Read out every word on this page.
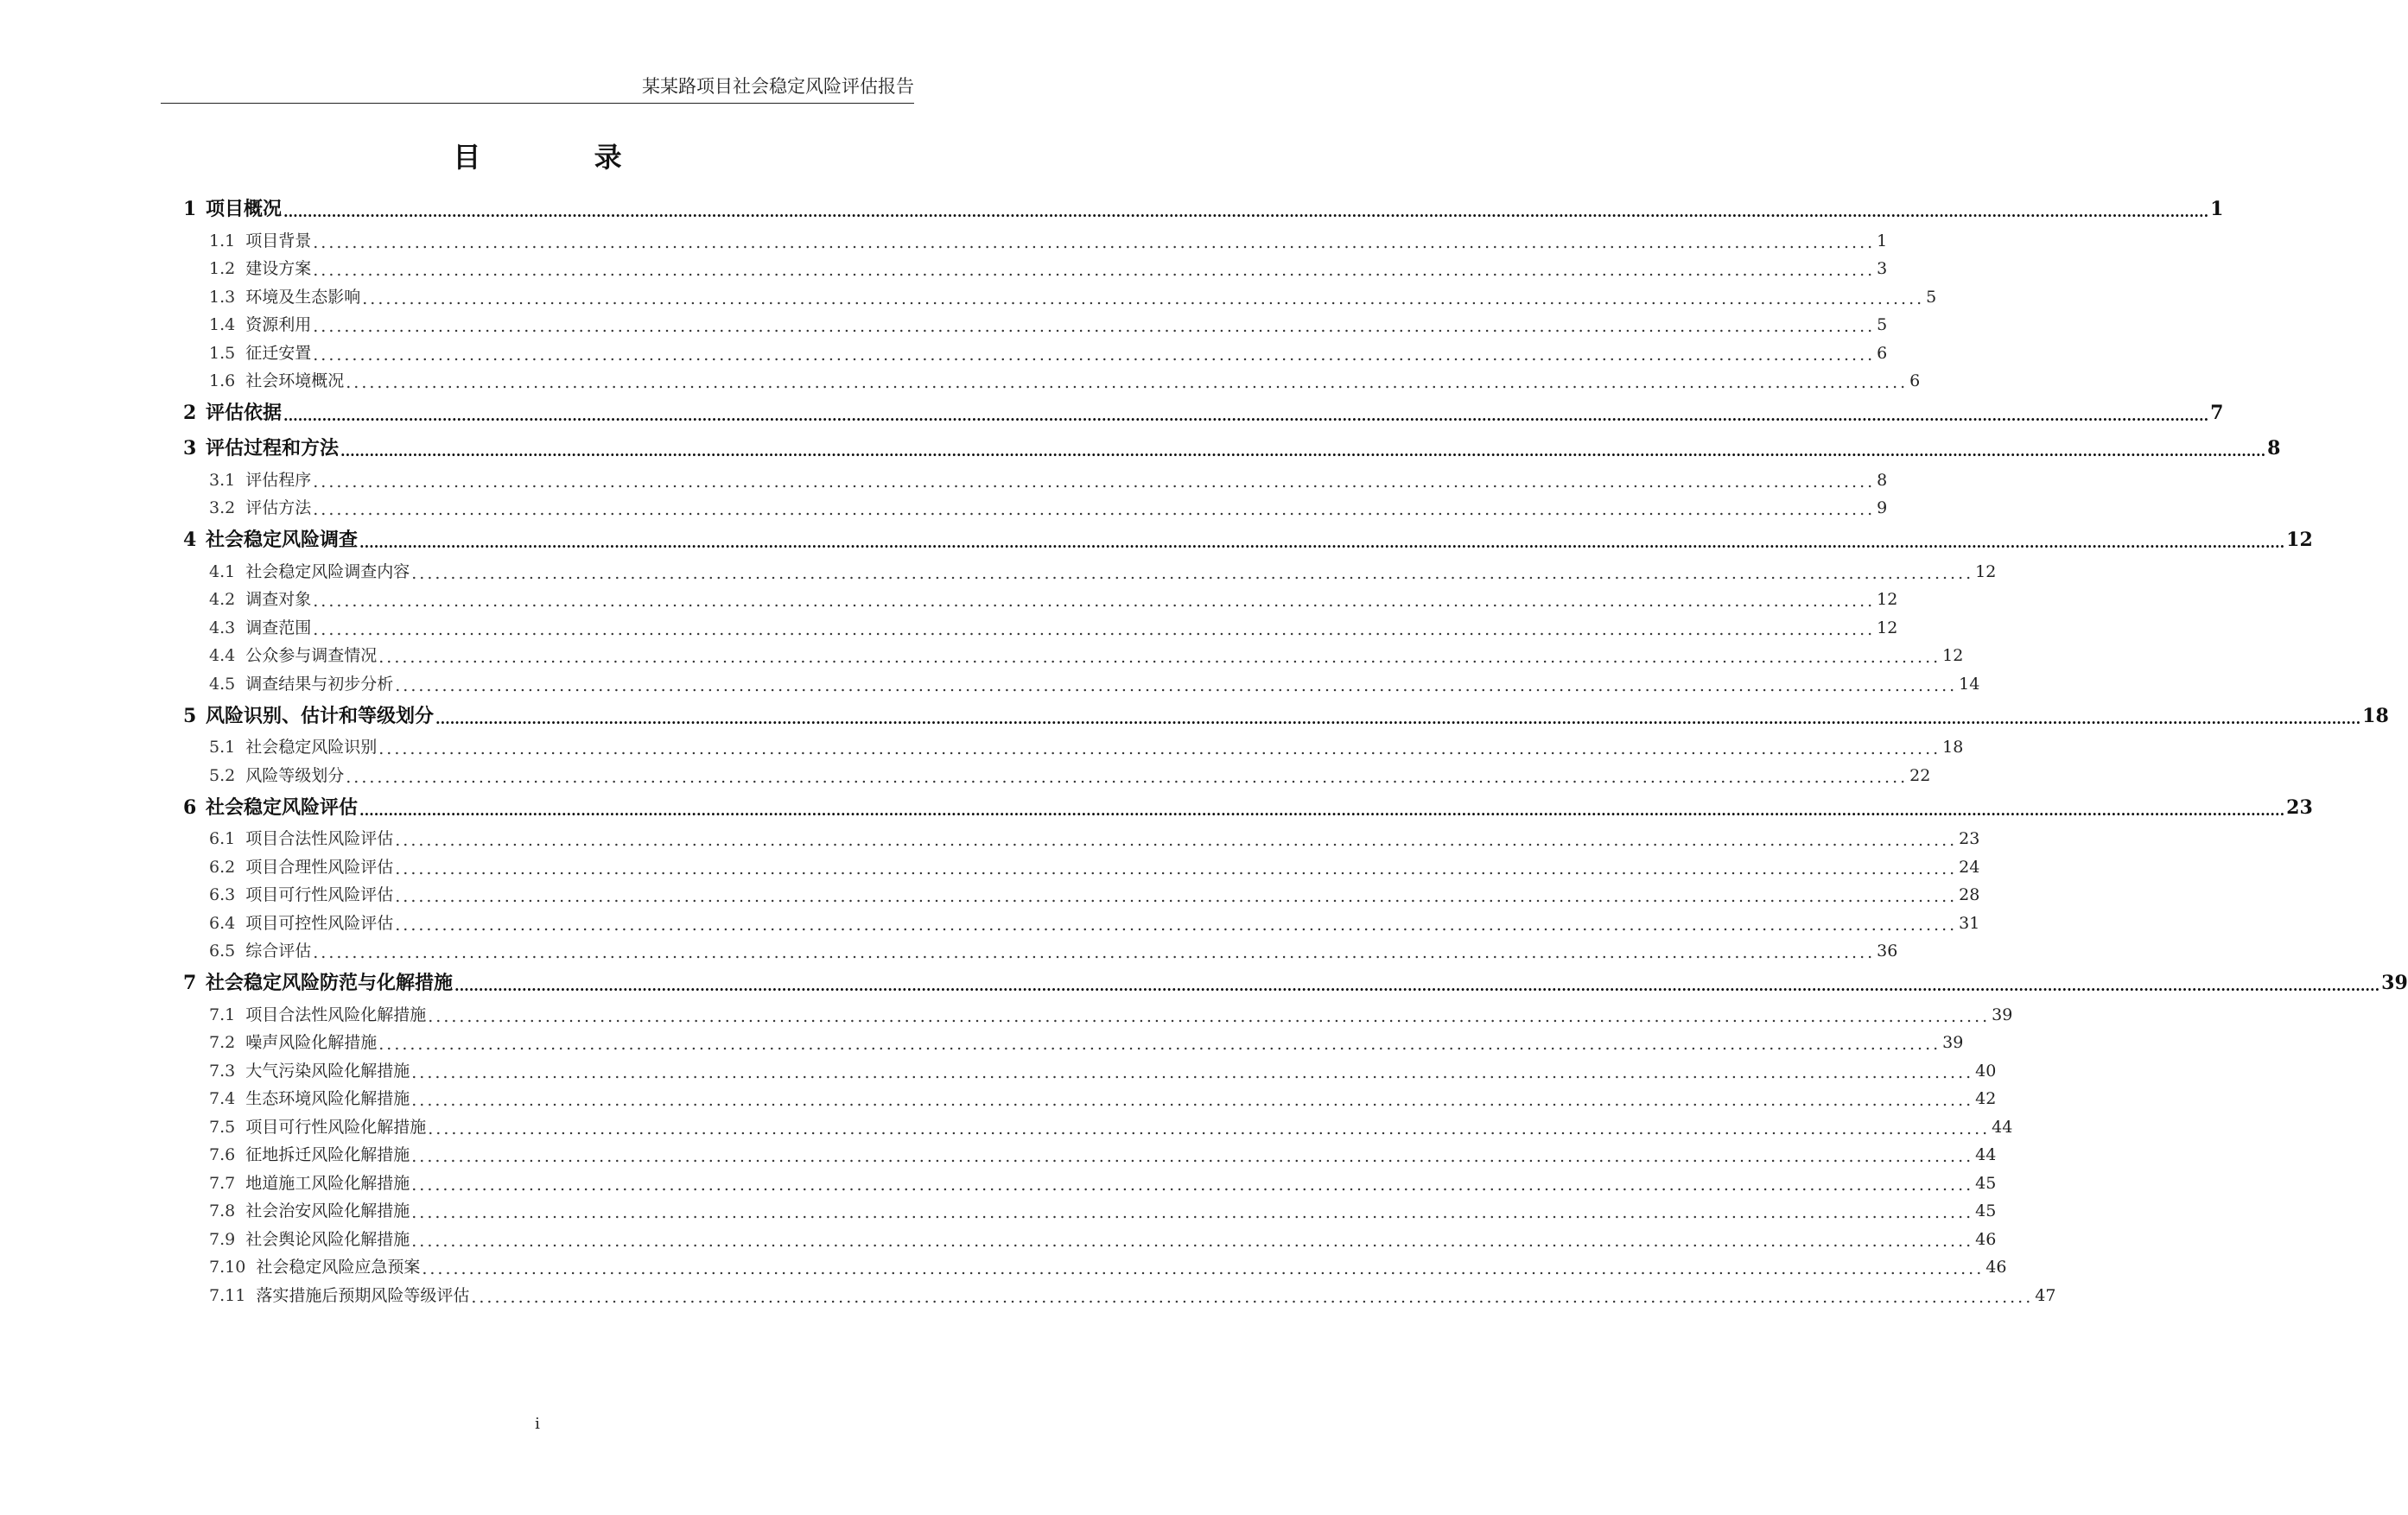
某某路项目社会稳定风险评估报告
目 录
1 项目概况 ................................................................................................................................................................................................................................................................................................................................................................................................................ 1
1.1 项目背景 ........................................................................................................................................................................................................ 1
1.2 建设方案 ........................................................................................................................................................................................................ 3
1.3 环境及生态影响 ........................................................................................................................................................................................................ 5
1.4 资源利用 ........................................................................................................................................................................................................ 5
1.5 征迁安置 ........................................................................................................................................................................................................ 6
1.6 社会环境概况 ........................................................................................................................................................................................................ 6
2 评估依据 ................................................................................................................................................................................................................................................................................................................................................................................................................ 7
3 评估过程和方法 ................................................................................................................................................................................................................................................................................................................................................................................................................ 8
3.1 评估程序 ........................................................................................................................................................................................................ 8
3.2 评估方法 ........................................................................................................................................................................................................ 9
4 社会稳定风险调查 ................................................................................................................................................................................................................................................................................................................................................................................................................ 12
4.1 社会稳定风险调查内容 ........................................................................................................................................................................................................ 12
4.2 调查对象 ........................................................................................................................................................................................................ 12
4.3 调查范围 ........................................................................................................................................................................................................ 12
4.4 公众参与调查情况 ........................................................................................................................................................................................................ 12
4.5 调查结果与初步分析 ........................................................................................................................................................................................................ 14
5 风险识别、估计和等级划分 ................................................................................................................................................................................................................................................................................................................................................................................................................ 18
5.1 社会稳定风险识别 ........................................................................................................................................................................................................ 18
5.2 风险等级划分 ........................................................................................................................................................................................................ 22
6 社会稳定风险评估 ................................................................................................................................................................................................................................................................................................................................................................................................................ 23
6.1 项目合法性风险评估 ........................................................................................................................................................................................................ 23
6.2 项目合理性风险评估 ........................................................................................................................................................................................................ 24
6.3 项目可行性风险评估 ........................................................................................................................................................................................................ 28
6.4 项目可控性风险评估 ........................................................................................................................................................................................................ 31
6.5 综合评估 ........................................................................................................................................................................................................ 36
7 社会稳定风险防范与化解措施 ................................................................................................................................................................................................................................................................................................................................................................................................................ 39
7.1 项目合法性风险化解措施 ........................................................................................................................................................................................................ 39
7.2 噪声风险化解措施 ........................................................................................................................................................................................................ 39
7.3 大气污染风险化解措施 ........................................................................................................................................................................................................ 40
7.4 生态环境风险化解措施 ........................................................................................................................................................................................................ 42
7.5 项目可行性风险化解措施 ........................................................................................................................................................................................................ 44
7.6 征地拆迁风险化解措施 ........................................................................................................................................................................................................ 44
7.7 地道施工风险化解措施 ........................................................................................................................................................................................................ 45
7.8 社会治安风险化解措施 ........................................................................................................................................................................................................ 45
7.9 社会舆论风险化解措施 ........................................................................................................................................................................................................ 46
7.10 社会稳定风险应急预案 ........................................................................................................................................................................................................ 46
7.11 落实措施后预期风险等级评估 ........................................................................................................................................................................................................ 47
i
